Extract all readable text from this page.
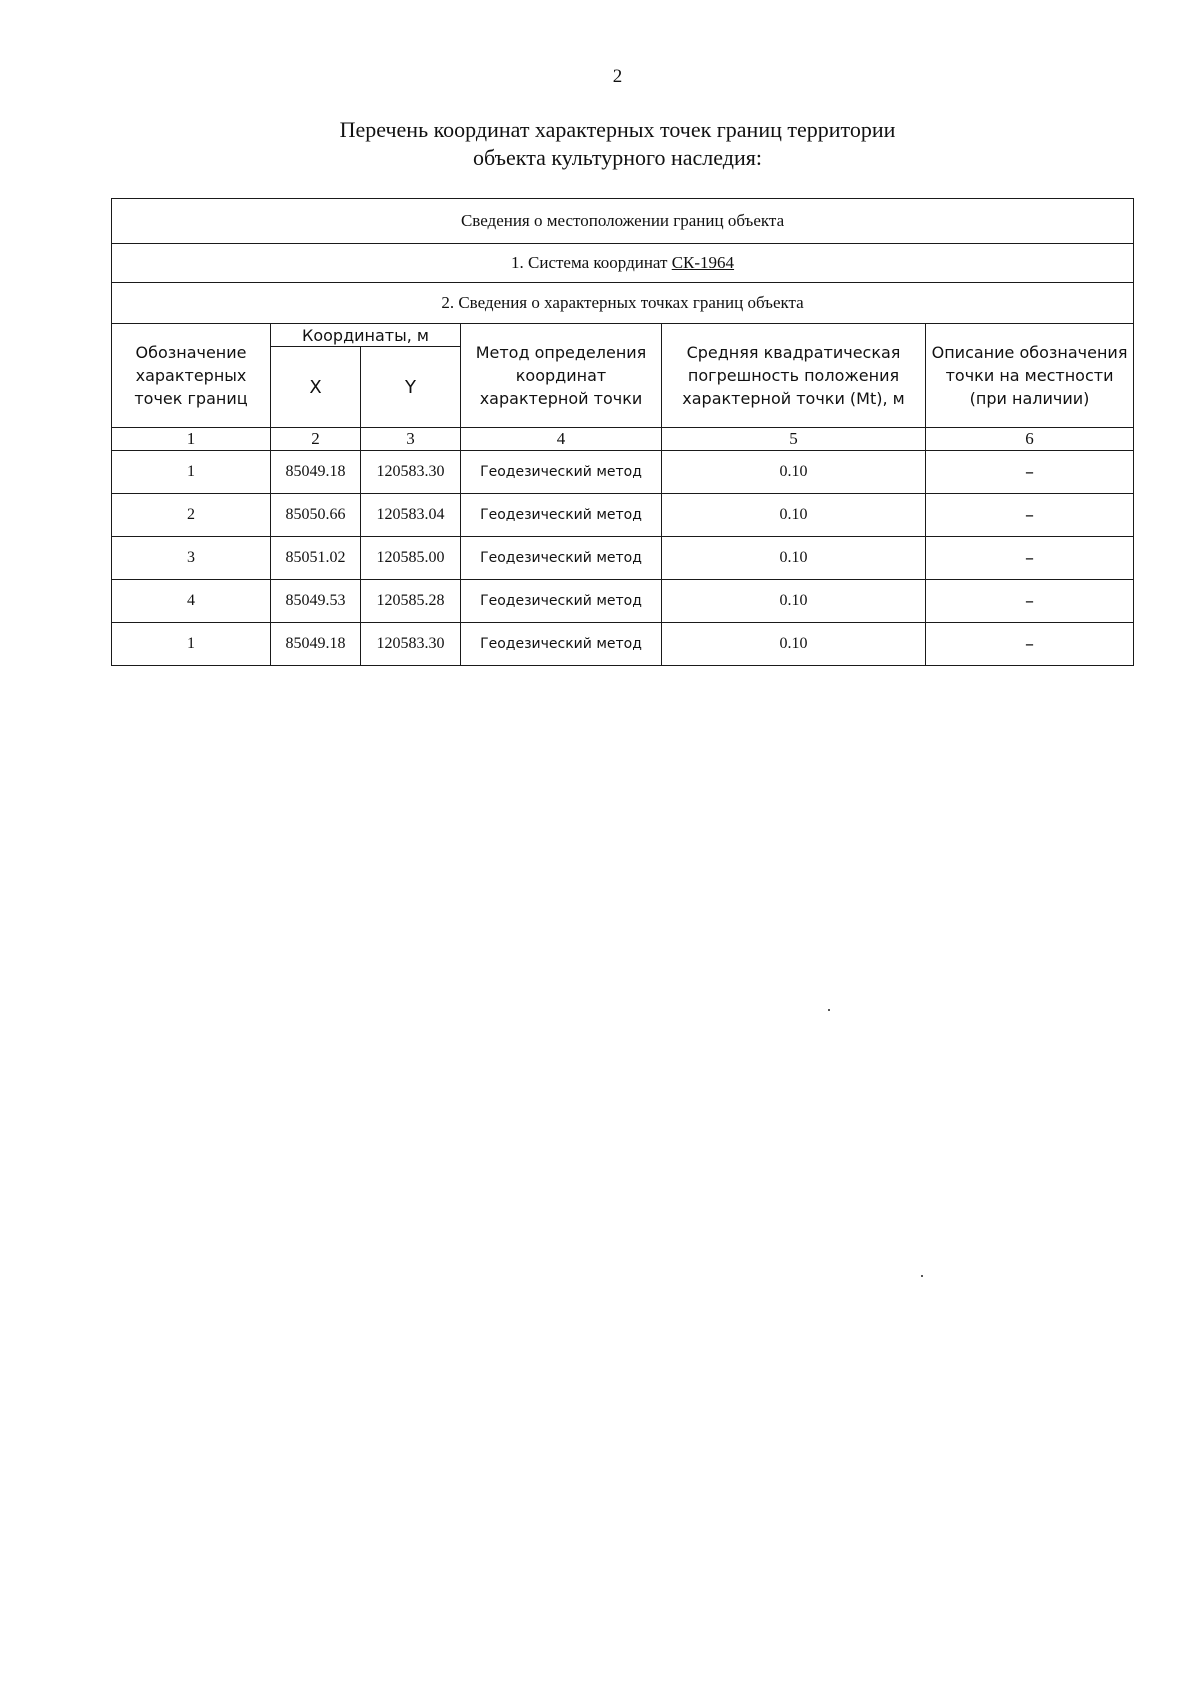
2
Перечень координат характерных точек границ территории
объекта культурного наследия:
Сведения о местоположении границ объекта					
1. Система координат СК-1964					
2. Сведения о характерных точках границ объекта					
Обозначение характерных точек границ	Координаты, м		Метод определения координат характерной точки	Средняя квадратическая погрешность положения характерной точки (Mt), м	Описание обозначения точки на местности (при наличии)
	X	Y			
1	2	3	4	5	6
1	85049.18	120583.30	Геодезический метод	0.10	–
2	85050.66	120583.04	Геодезический метод	0.10	–
3	85051.02	120585.00	Геодезический метод	0.10	–
4	85049.53	120585.28	Геодезический метод	0.10	–
1	85049.18	120583.30	Геодезический метод	0.10	–
